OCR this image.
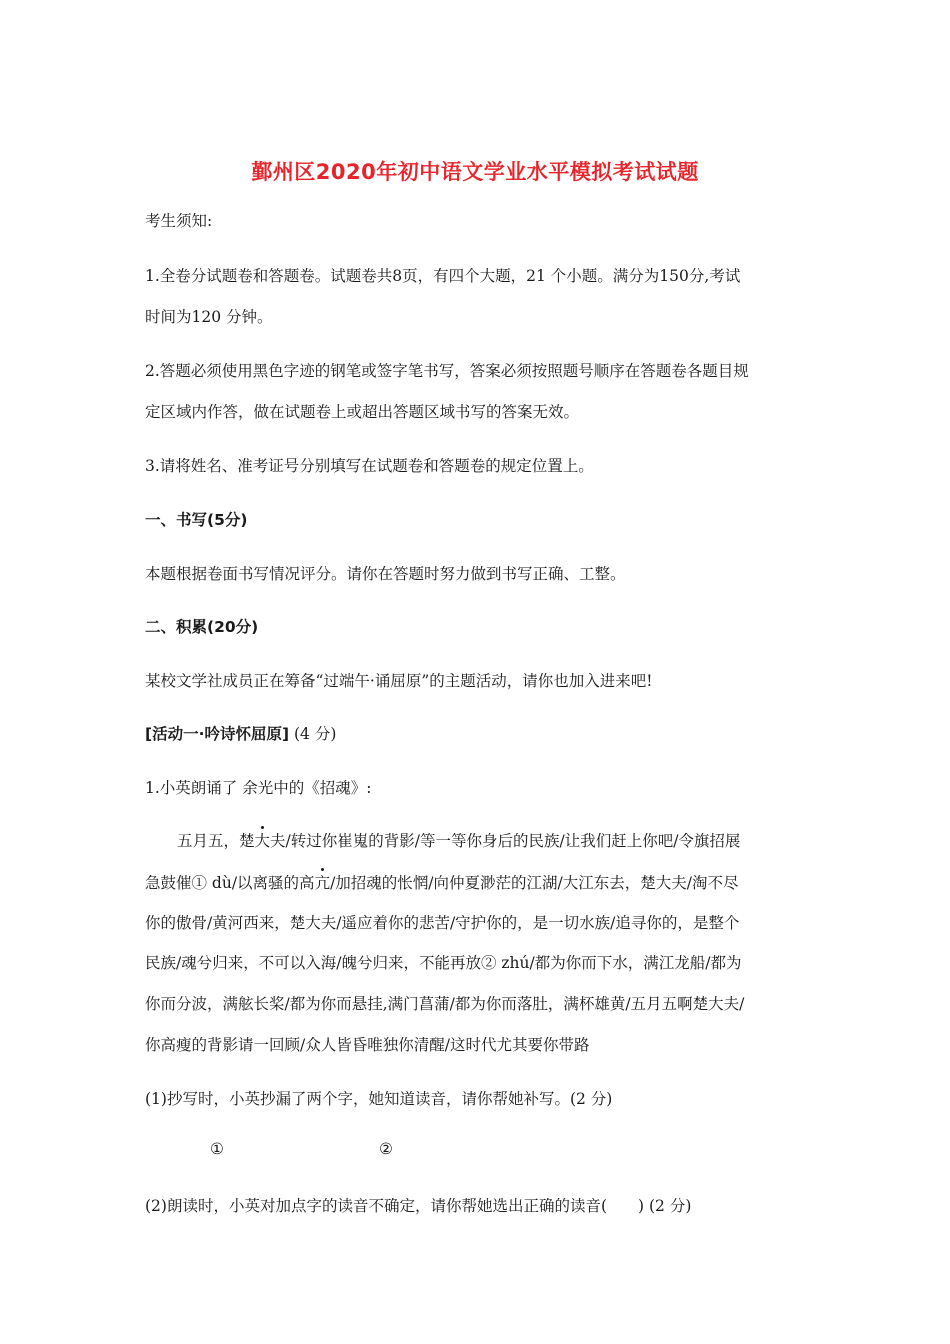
鄞州区2020年初中语文学业水平模拟考试试题
考生须知:
1.全卷分试题卷和答题卷。试题卷共8页，有四个大题，21 个小题。满分为150分,考试
时间为120 分钟。
2.答题必须使用黑色字迹的钢笔或签字笔书写，答案必须按照题号顺序在答题卷各题目规
定区域内作答，做在试题卷上或超出答题区域书写的答案无效。
3.请将姓名、准考证号分别填写在试题卷和答题卷的规定位置上。
一、书写(5分)
本题根据卷面书写情况评分。请你在答题时努力做到书写正确、工整。
二、积累(20分)
某校文学社成员正在筹备“过端午·诵屈原”的主题活动，请你也加入进来吧!
[活动一·吟诗怀屈原] (4 分)
1.小英朗诵了 余光中的《招魂》:
五月五，楚大夫/转过你崔嵬的背影/等一等你身后的民族/让我们赶上你吧/令旗招展
急鼓催① dù/以离骚的高亢/加招魂的怅惘/向仲夏渺茫的江湖/大江东去，楚大夫/淘不尽
你的傲骨/黄河西来，楚大夫/遥应着你的悲苦/守护你的，是一切水族/追寻你的，是整个
民族/魂兮归来，不可以入海/魄兮归来，不能再放② zhú/都为你而下水，满江龙船/都为
你而分波，满舷长桨/都为你而悬挂,满门菖蒲/都为你而落肚，满杯雄黄/五月五啊楚大夫/
你高瘦的背影请一回顾/众人皆昏唯独你清醒/这时代尤其要你带路
(1)抄写时，小英抄漏了两个字，她知道读音，请你帮她补写。(2 分)
①	②
(2)朗读时，小英对加点字的读音不确定，请你帮她选出正确的读音(　　) (2 分)
